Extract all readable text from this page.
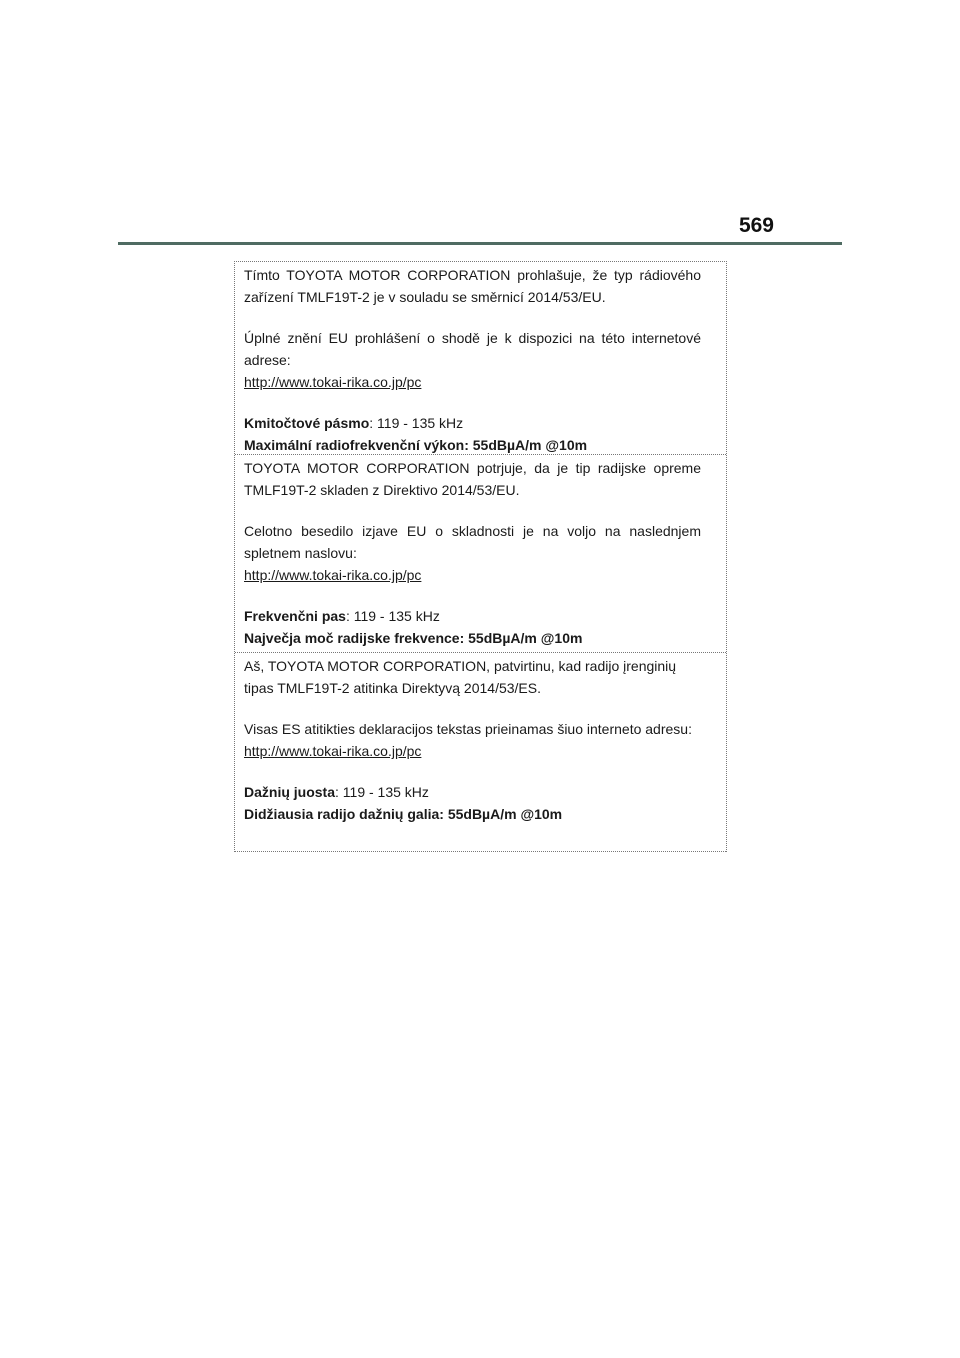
569

Tímto TOYOTA MOTOR CORPORATION prohlašuje, že typ rádiového zařízení TMLF19T-2 je v souladu se směrnicí 2014/53/EU.

Úplné znění EU prohlášení o shodě je k dispozici na této internetové adrese:

http://www.tokai-rika.co.jp/pc

Kmitočtové pásmo: 119 - 135 kHz

Maximální radiofrekvenční výkon: 55dBµA/m @10m

TOYOTA MOTOR CORPORATION potrjuje, da je tip radijske opreme TMLF19T-2 skladen z Direktivo 2014/53/EU.

Celotno besedilo izjave EU o skladnosti je na voljo na naslednjem spletnem naslovu:

http://www.tokai-rika.co.jp/pc

Frekvenčni pas: 119 - 135 kHz

Največja moč radijske frekvence: 55dBµA/m @10m

Aš, TOYOTA MOTOR CORPORATION, patvirtinu, kad radijo įrenginių tipas TMLF19T-2 atitinka Direktyvą 2014/53/ES.

Visas ES atitikties deklaracijos tekstas prieinamas šiuo interneto adresu:

http://www.tokai-rika.co.jp/pc

Dažnių juosta: 119 - 135 kHz

Didžiausia radijo dažnių galia: 55dBµA/m @10m
